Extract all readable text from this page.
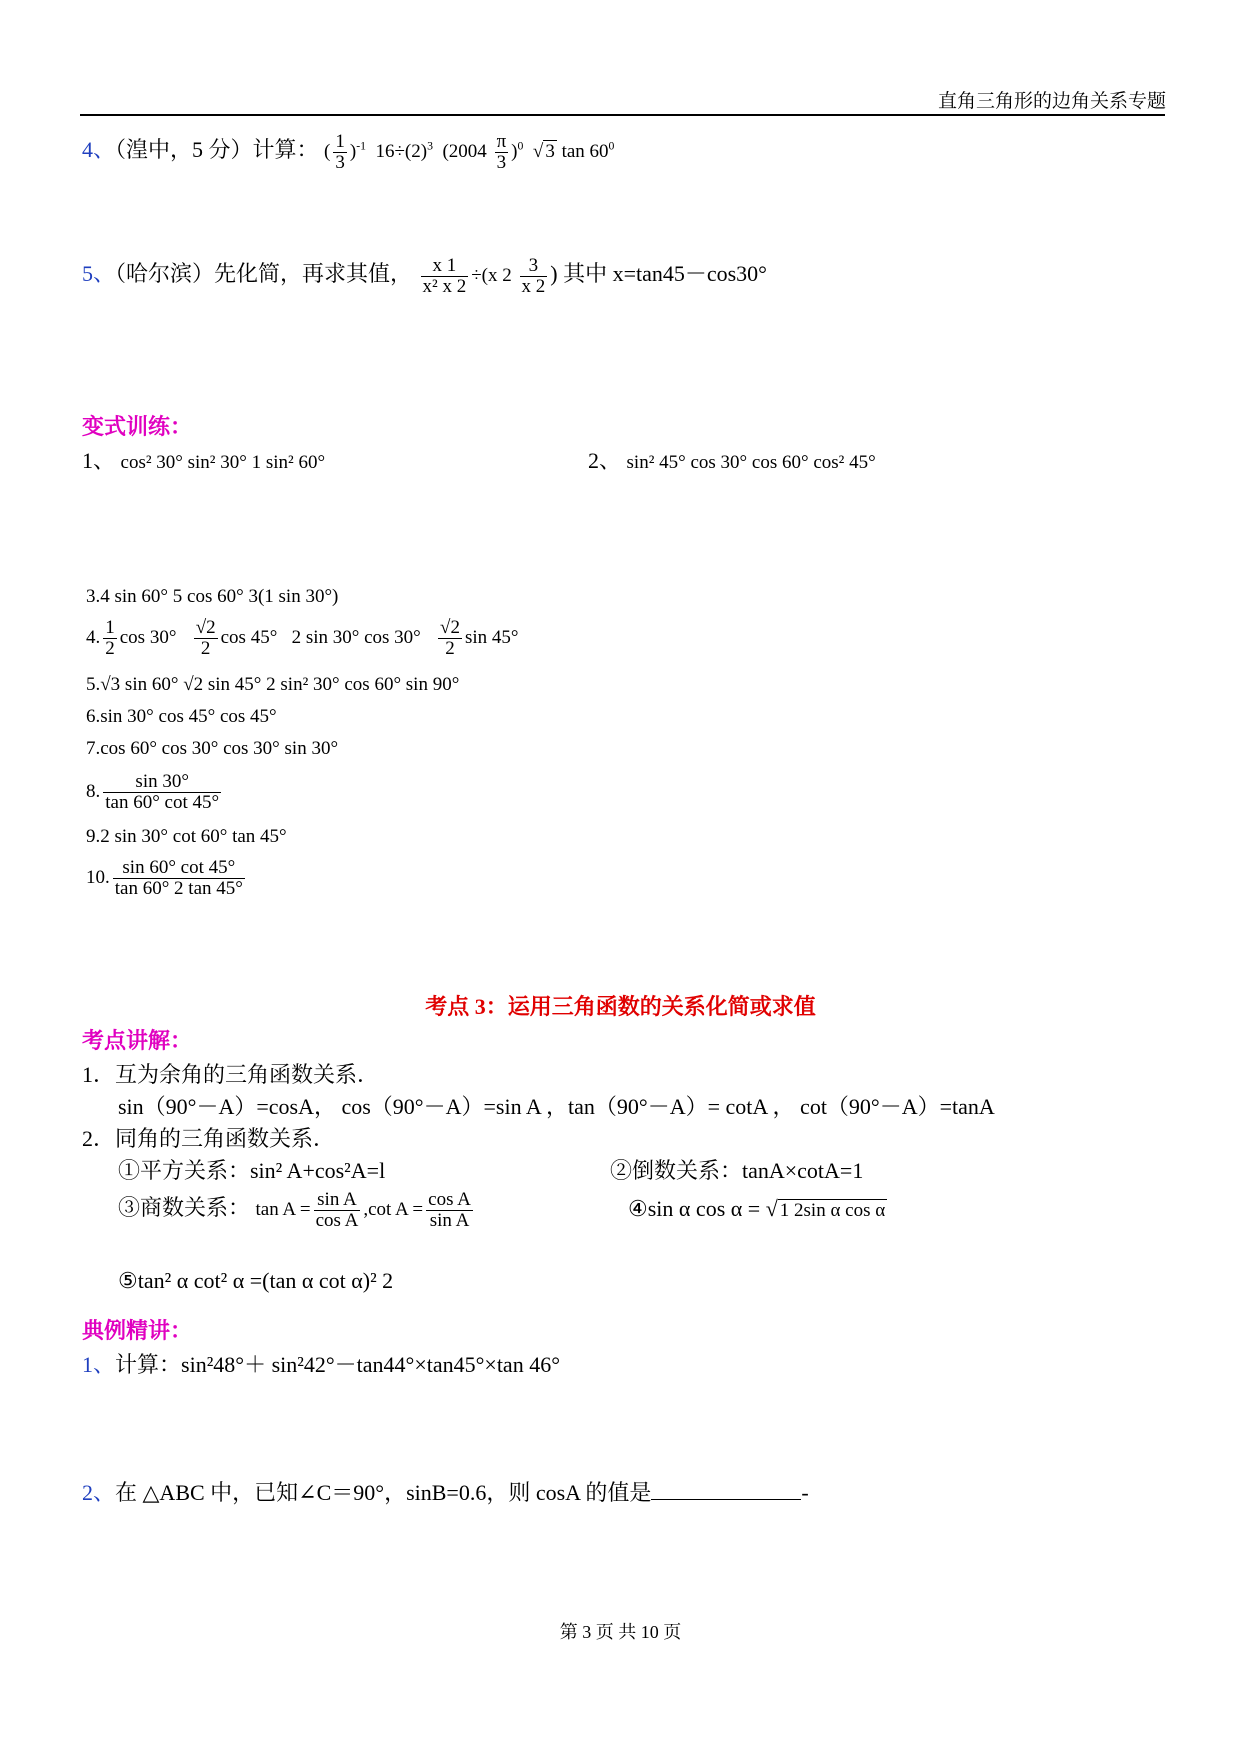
直角三角形的边角关系专题
4、（湟中，5 分）计算： ( $\frac{1}{3} )^{-1}$ $16\div(2)^3$ $(2004 \frac{\pi}{3} )^0$  √ 3 $\tan 60^0$
5、（哈尔滨）先化简，再求其值， $\frac{x 1}{\text{x² x 2}} \div(x$ $2 \frac{3}{x 2}$ ) 其中 x=tan45－cos30°
变式训练：
1、 cos² 30° sin² 30° 1 sin² 60°	2、 sin² 45° cos 30° cos 60° cos² 45°
3.4 sin 60° 5 cos 60° 3(1 sin 30°)
4. $\frac{1}{2}$ $\cos 30^\circ \frac{√2}{2}$ cos 45° 2 sin 30° $\cos 30^\circ \frac{√2}{2}$ sin 45°
5.√3 sin 60° √2 sin 45° 2 sin² 30° cos 60° sin 90°
6.sin 30° cos 45° cos 45°
7.cos 60° cos 30° cos 30° sin 30°
8. $\frac{\sin 30^\circ}{\tan 60^\circ \cot 45^\circ}$
9.2 sin 30° cot 60° tan 45°
10. $\frac{\sin 60^\circ \cot 45^\circ}{\tan 60^\circ 2 \tan 45^\circ}$
考点 3：运用三角函数的关系化简或求值
考点讲解：
1．互为余角的三角函数关系．
sin（90°－A）=cosA， cos（90°－A）=sin A ，tan（90°－A）= cotA ， cot（90°－A）=tanA
2．同角的三角函数关系．
①平方关系：sin² A+cos²A=l	②倒数关系：tanA×cotA=1
③商数关系： $\tan A = \frac{\text{sin A}}{\text{cos A}} ,\cot$ $A = \frac{\text{cos A}}{\text{sin A}}$	④sin α cos α = √ 1 2sin α cos α
⑤tan² α cot² α =(tan α cot α)² 2
典例精讲：
1、计算：sin²48°＋ sin²42°－tan44°×tan45°×tan 46°
2、在 △ABC 中，已知∠C＝90°，sinB=0.6，则 cosA 的值是	-
第 3 页 共 10 页
